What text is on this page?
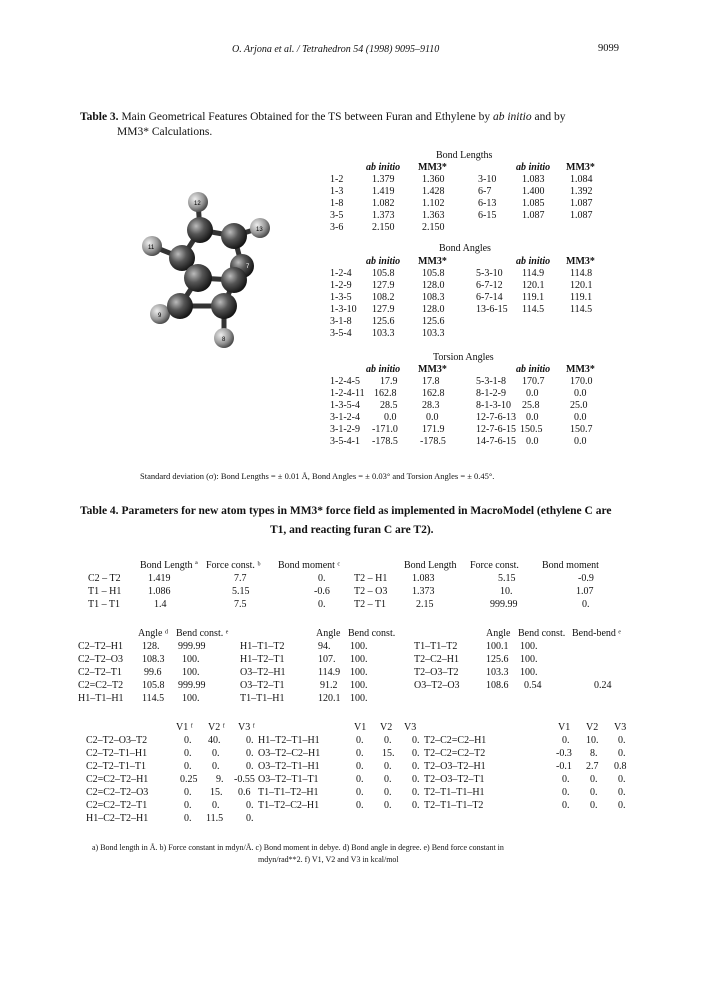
O. Arjona et al. / Tetrahedron 54 (1998) 9095–9110	9099
Table 3. Main Geometrical Features Obtained for the TS between Furan and Ethylene by ab initio and by
MM3* Calculations.
12
13
11
7
9
8
Bond Lengths
ab initio MM3*	ab initio MM3*
1-2	1.379	1.360	3-10	1.083	1.084
1-3	1.419	1.428	6-7	1.400	1.392
1-8	1.082	1.102	6-13	1.085	1.087
3-5	1.373	1.363	6-15	1.087	1.087
3-6	2.150	2.150
Bond Angles
ab initio MM3*	ab initio MM3*
1-2-4 105.8	105.8	5-3-10 114.9	114.8
1-2-9 127.9	128.0	6-7-12 120.1	120.1
1-3-5 108.2	108.3	6-7-14 119.1	119.1
1-3-10 127.9	128.0	13-6-15 114.5	114.5
3-1-8 125.6	125.6
3-5-4 103.3	103.3
Torsion Angles
ab initio MM3*	ab initio MM3*
1-2-4-5 17.9 17.8	5-3-1-8 170.7	170.0
1-2-4-11 162.8	162.8	8-1-2-9 0.0	0.0
1-3-5-4 28.5 28.3	8-1-3-10 25.8	25.0
3-1-2-4 0.0	0.0	12-7-6-13 0.0	0.0
3-1-2-9 -171.0 171.9	12-7-6-15 150.5	150.7
3-5-4-1 -178.5 -178.5	14-7-6-15 0.0	0.0
Standard deviation (σ): Bond Lengths = ± 0.01 Å, Bond Angles = ± 0.03° and Torsion Angles = ± 0.45°.
Table 4. Parameters for new atom types in MM3* force field as implemented in MacroModel (ethylene C are
T1, and reacting furan C are T2).
Bond Length ª Force const. ᵇ Bond moment ᶜ	Bond Length Force const. Bond moment
C2 – T2	1.419	7.7	0.	T2 – H1 1.083	5.15	-0.9
T1 – H1	1.086	5.15	-0.6 T2 – O3 1.373	10.	1.07
T1 – T1	1.4	7.5	0.	T2 – T1	2.15	999.99	0.
Angle ᵈ Bend const. ᵉ	Angle Bend const.	Angle Bend const. Bend-bend ᵉ
C2–T2–H1 128. 999.99	H1–T1–T2	94. 100.	T1–T1–T2	100.1 100.
C2–T2–O3 108.3 100.	H1–T2–T1	107. 100.	T2–C2–H1	125.6 100.
C2–T2–T1 99.6 100.	O3–T2–H1	114.9 100.	T2–O3–T2	103.3 100.
C2=C2–T2 105.8 999.99	O3–T2–T1	91.2 100.	O3–T2–O3	108.6 0.54	0.24
H1–T1–H1 114.5 100.	T1–T1–H1	120.1 100.
V1 ᶠ V2 ᶠ V3 ᶠ	V1 V2 V3	V1 V2 V3
C2–T2–O3–T2	0. 40.	0. H1–T2–T1–H1	0. 0. 0. T2–C2=C2–H1	0. 10. 0.
C2–T2–T1–H1	0. 0.	0. O3–T2–C2–H1	0. 15. 0. T2–C2=C2–T2	-0.3 8. 0.
C2–T2–T1–T1	0. 0.	0. O3–T2–T1–H1	0. 0. 0. T2–O3–T2–H1	-0.1 2.7 0.8
C2=C2–T2–H1	0.25 9. -0.55 O3–T2–T1–T1	0. 0. 0. T2–O3–T2–T1	0. 0. 0.
C2=C2–T2–O3	0. 15. 0.6 T1–T1–T2–H1	0. 0. 0. T2–T1–T1–H1	0. 0. 0.
C2=C2–T2–T1	0. 0.	0. T1–T2–C2–H1	0. 0. 0. T2–T1–T1–T2	0. 0. 0.
H1–C2–T2–H1	0. 11.5 0.
a) Bond length in Å. b) Force constant in mdyn/Å. c) Bond moment in debye. d) Bond angle in degree. e) Bend force constant in
mdyn/rad**2. f) V1, V2 and V3 in kcal/mol
